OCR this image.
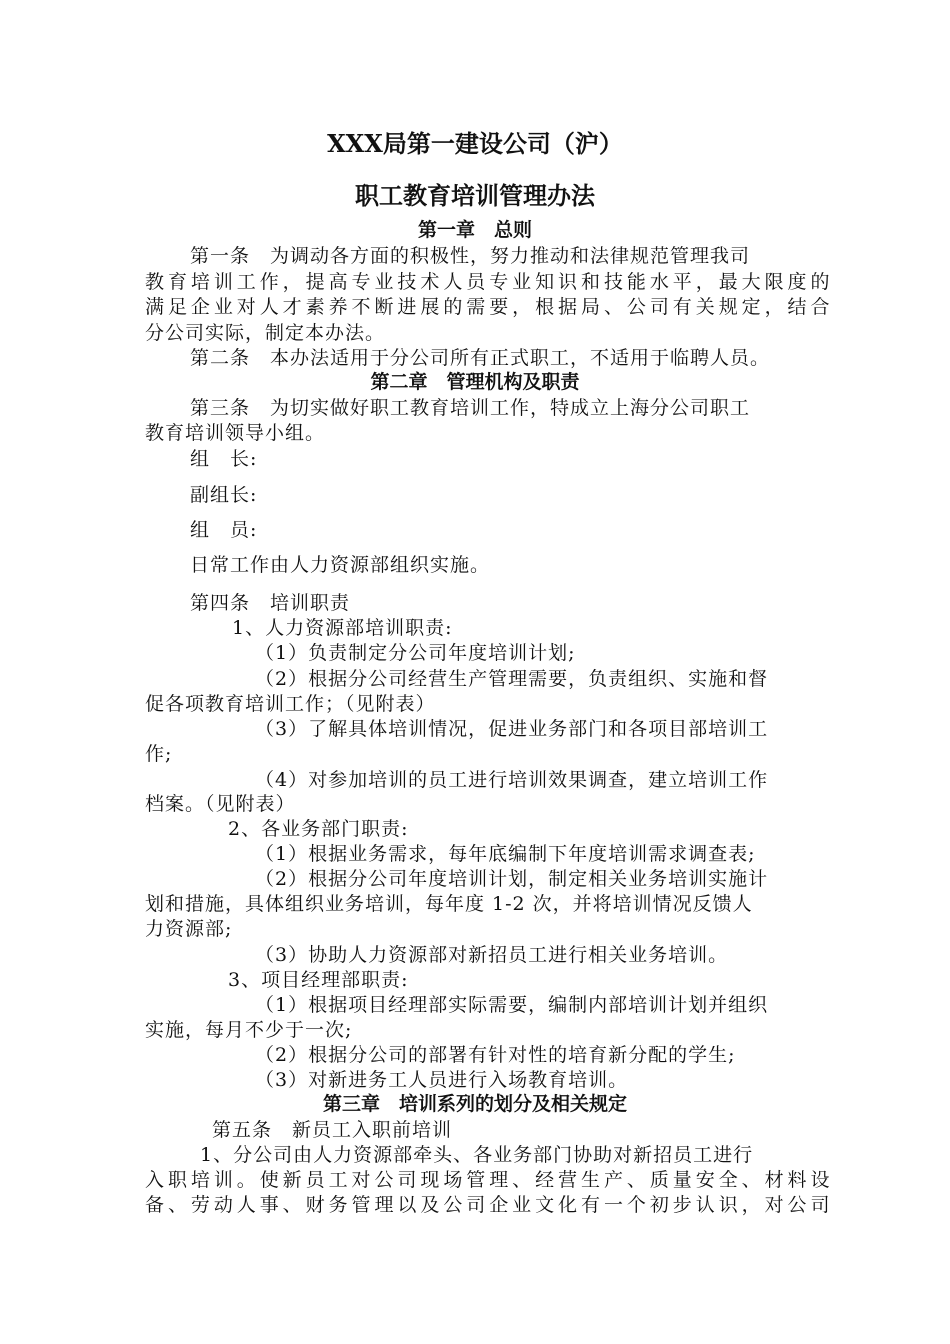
XXX局第一建设公司（沪）
职工教育培训管理办法
第一章　总则
第一条　为调动各方面的积极性，努力推动和法律规范管理我司
教育培训工作，提高专业技术人员专业知识和技能水平，最大限度的
满足企业对人才素养不断进展的需要，根据局、公司有关规定，结合
分公司实际，制定本办法。
第二条　本办法适用于分公司所有正式职工，不适用于临聘人员。
第二章　管理机构及职责
第三条　为切实做好职工教育培训工作，特成立上海分公司职工
教育培训领导小组。
组　长:
副组长:
组　员:
日常工作由人力资源部组织实施。
第四条　培训职责
1、人力资源部培训职责:
（1）负责制定分公司年度培训计划;
（2）根据分公司经营生产管理需要，负责组织、实施和督
促各项教育培训工作；（见附表）
（3）了解具体培训情况，促进业务部门和各项目部培训工
作;
（4）对参加培训的员工进行培训效果调查，建立培训工作
档案。（见附表）
2、各业务部门职责:
（1）根据业务需求，每年底编制下年度培训需求调查表;
（2）根据分公司年度培训计划，制定相关业务培训实施计
划和措施，具体组织业务培训，每年度 1-2 次，并将培训情况反馈人
力资源部;
（3）协助人力资源部对新招员工进行相关业务培训。
3、项目经理部职责:
（1）根据项目经理部实际需要，编制内部培训计划并组织
实施，每月不少于一次;
（2）根据分公司的部署有针对性的培育新分配的学生;
（3）对新进务工人员进行入场教育培训。
第三章　培训系列的划分及相关规定
第五条　新员工入职前培训
1、分公司由人力资源部牵头、各业务部门协助对新招员工进行
入职培训。使新员工对公司现场管理、经营生产、质量安全、材料设
备、劳动人事、财务管理以及公司企业文化有一个初步认识，对公司
